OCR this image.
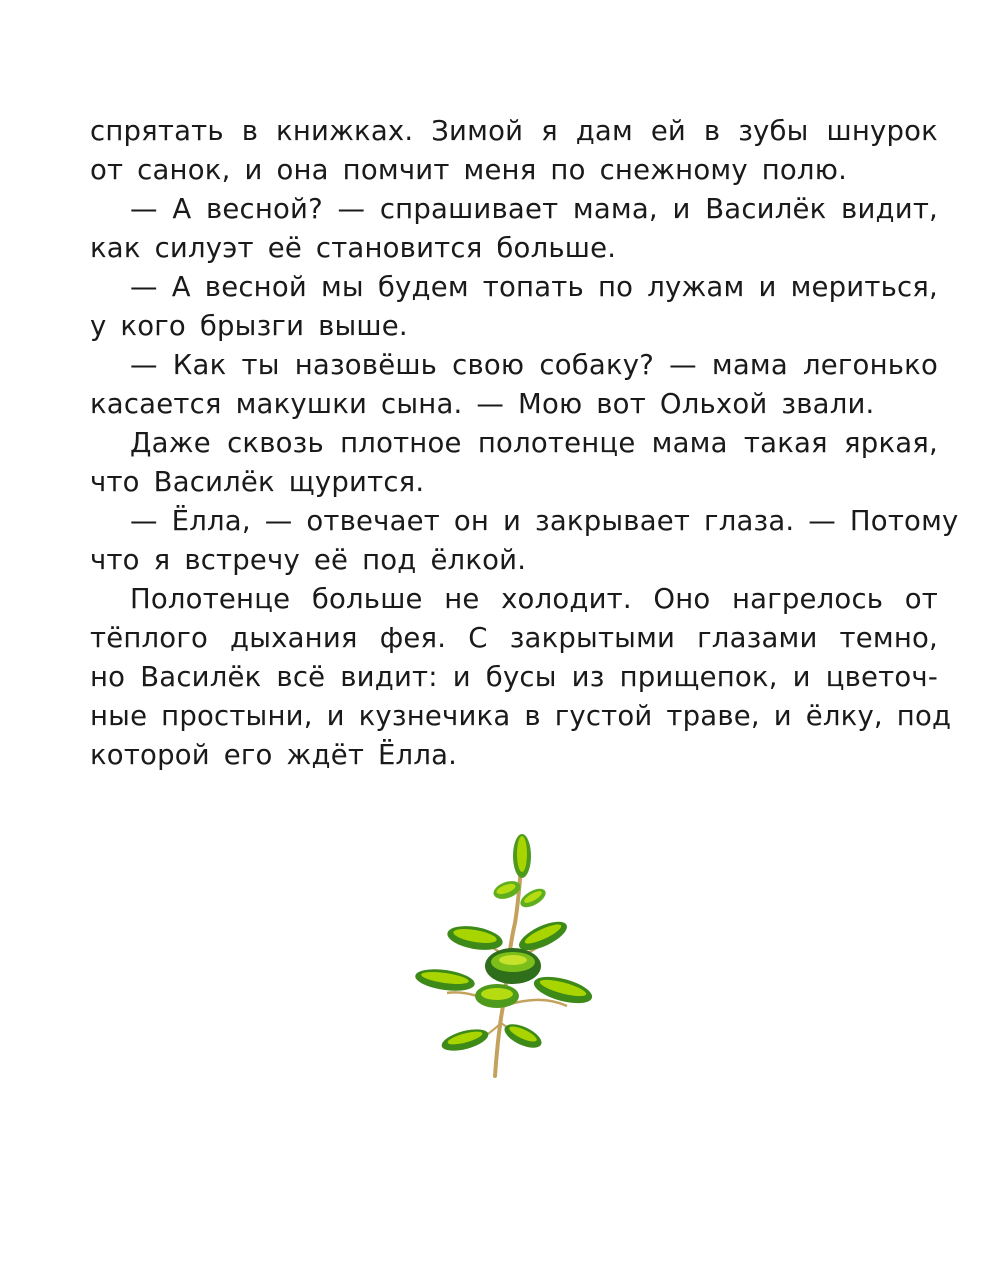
спрятать в книжках. Зимой я дам ей в зубы шнурок
от санок, и она помчит меня по снежному полю.
— А весной? — спрашивает мама, и Василёк видит,
как силуэт её становится больше.
— А весной мы будем топать по лужам и мериться,
у кого брызги выше.
— Как ты назовёшь свою собаку? — мама легонько
касается макушки сына. — Мою вот Ольхой звали.
Даже сквозь плотное полотенце мама такая яркая,
что Василёк щурится.
— Ёлла, — отвечает он и закрывает глаза. — Потому
что я встречу её под ёлкой.
Полотенце больше не холодит. Оно нагрелось от
тёплого дыхания фея. С закрытыми глазами темно,
но Василёк всё видит: и бусы из прищепок, и цветоч-
ные простыни, и кузнечика в густой траве, и ёлку, под
которой его ждёт Ёлла.
